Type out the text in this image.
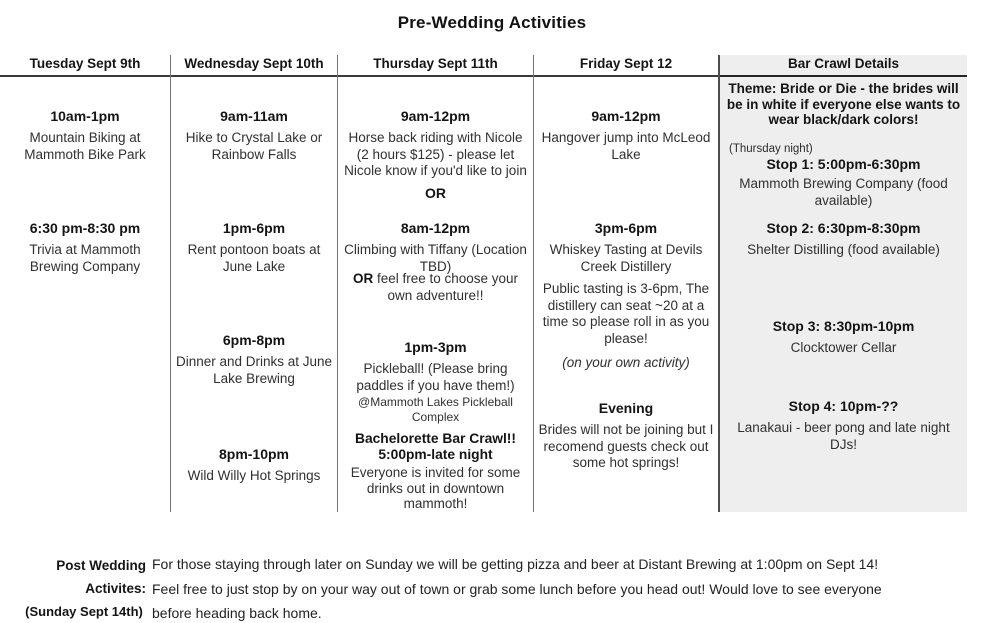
Pre-Wedding Activities
Tuesday Sept 9th
10am-1pm
Mountain Biking at Mammoth Bike Park
6:30 pm-8:30 pm
Trivia at Mammoth Brewing Company
Wednesday Sept 10th
9am-11am
Hike to Crystal Lake or Rainbow Falls
1pm-6pm
Rent pontoon boats at June Lake
6pm-8pm
Dinner and Drinks at June Lake Brewing
8pm-10pm
Wild Willy Hot Springs
Thursday Sept 11th
9am-12pm
Horse back riding with Nicole (2 hours $125) - please let Nicole know if you'd like to join
OR
8am-12pm
Climbing with Tiffany (Location TBD)
OR feel free to choose your own adventure!!
1pm-3pm
Pickleball! (Please bring paddles if you have them!)
@Mammoth Lakes Pickleball Complex
Bachelorette Bar Crawl!!
5:00pm-late night
Everyone is invited for some drinks out in downtown mammoth!
Friday Sept 12
9am-12pm
Hangover jump into McLeod Lake
3pm-6pm
Whiskey Tasting at Devils Creek Distillery
Public tasting is 3-6pm, The distillery can seat ~20 at a time so please roll in as you please!
(on your own activity)
Evening
Brides will not be joining but I recomend guests check out some hot springs!
Bar Crawl Details
Theme: Bride or Die - the brides will be in white if everyone else wants to wear black/dark colors!
(Thursday night)
Stop 1: 5:00pm-6:30pm
Mammoth Brewing Company (food available)
Stop 2: 6:30pm-8:30pm
Shelter Distilling (food available)
Stop 3: 8:30pm-10pm
Clocktower Cellar
Stop 4: 10pm-??
Lanakaui - beer pong and late night DJs!
Post Wedding Activites:
(Sunday Sept 14th)
For those staying through later on Sunday we will be getting pizza and beer at Distant Brewing at 1:00pm on Sept 14!
Feel free to just stop by on your way out of town or grab some lunch before you head out! Would love to see everyone before heading back home.
